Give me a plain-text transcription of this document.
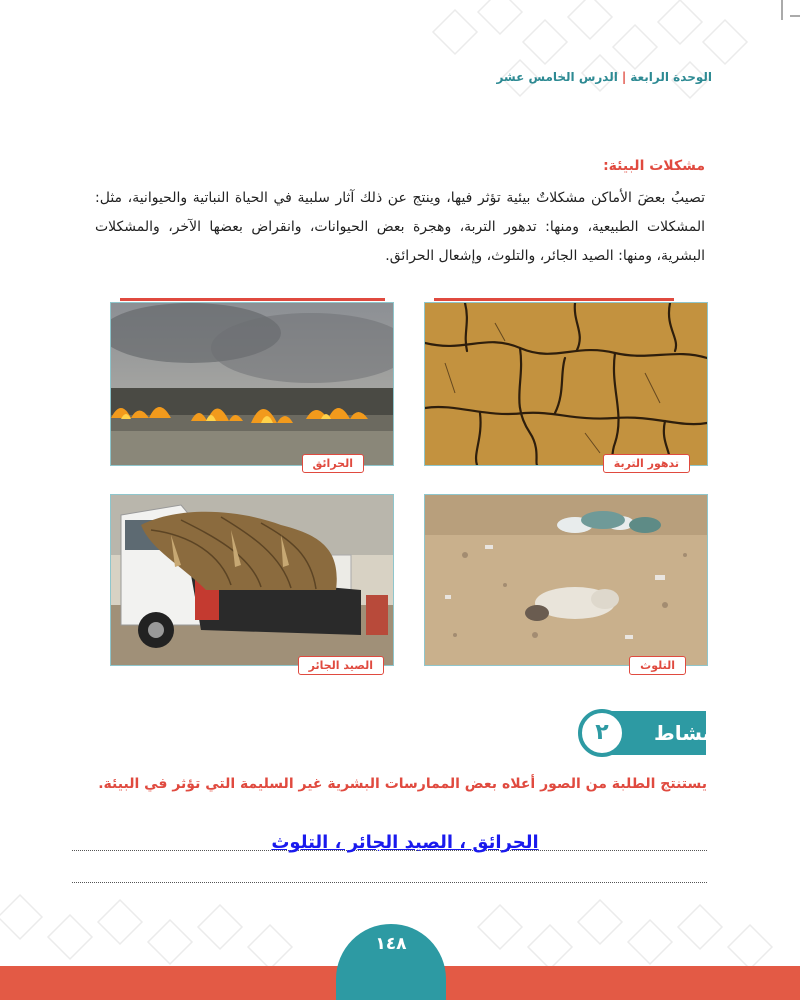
الوحدة الرابعة|الدرس الخامس عشر
مشكلات البيئة:
تصيبُ بعضَ الأماكن مشكلاتٌ بيئية تؤثر فيها، وينتج عن ذلك آثار سلبية في الحياة النباتية والحيوانية، مثل: المشكلات الطبيعية، ومنها: تدهور التربة، وهجرة بعض الحيوانات، وانقراض بعضها الآخر، والمشكلات البشرية، ومنها: الصيد الجائر، والتلوث، وإشعال الحرائق.
تدهور التربة
الحرائق
التلوث
الصيد الجائر
٢	نشاط
يستنتج الطلبة من الصور أعلاه بعض الممارسات البشرية غير السليمة التي تؤثر في البيئة.
الحرائق ، الصيد الجائر ، التلوث
١٤٨
